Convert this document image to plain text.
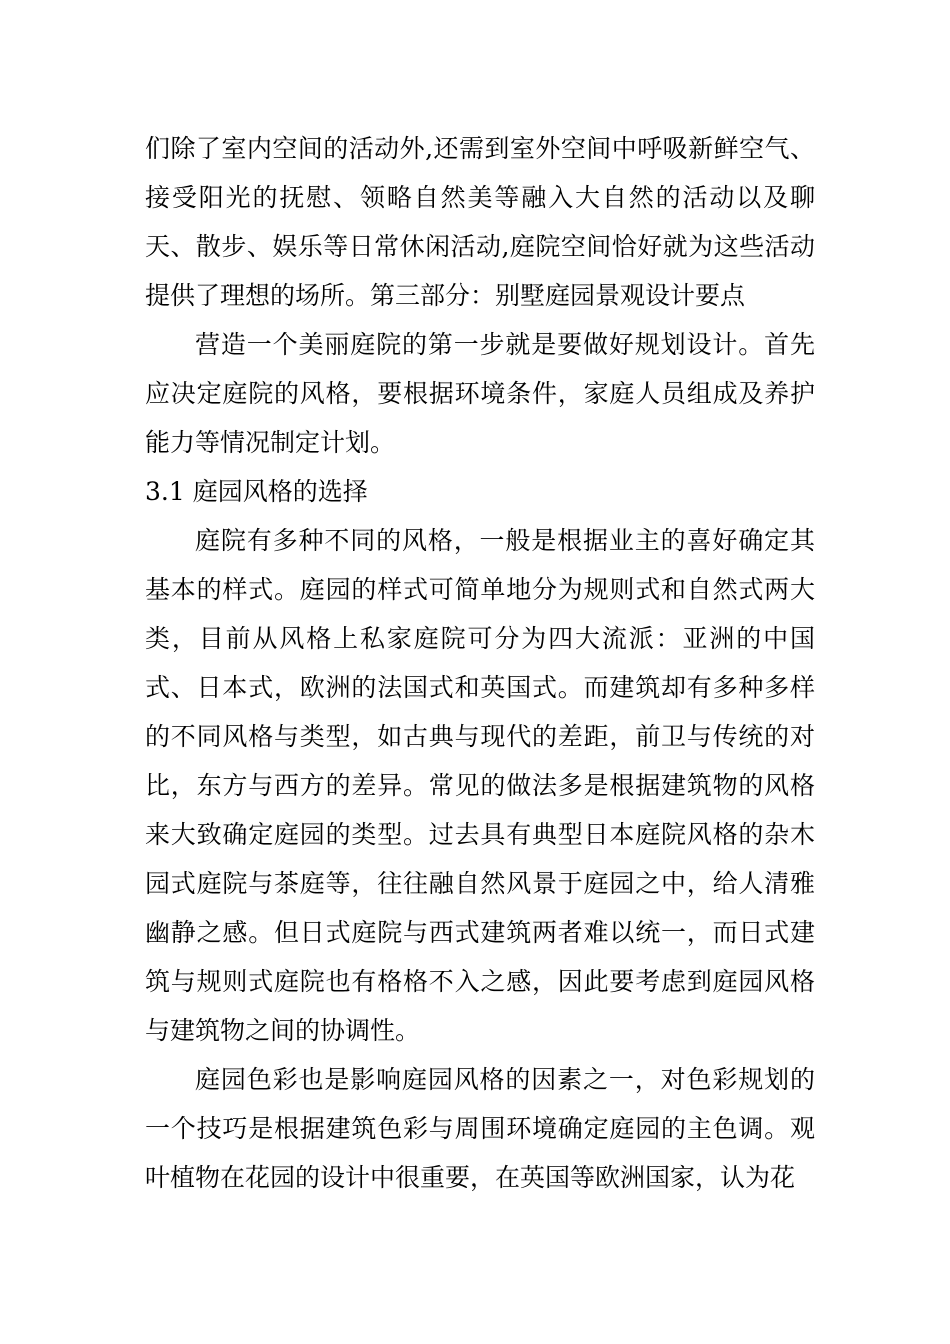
们除了室内空间的活动外,还需到室外空间中呼吸新鲜空气、接受阳光的抚慰、领略自然美等融入大自然的活动以及聊天、散步、娱乐等日常休闲活动,庭院空间恰好就为这些活动提供了理想的场所。第三部分：别墅庭园景观设计要点

营造一个美丽庭院的第一步就是要做好规划设计。首先应决定庭院的风格，要根据环境条件，家庭人员组成及养护能力等情况制定计划。

3.1 庭园风格的选择

庭院有多种不同的风格，一般是根据业主的喜好确定其基本的样式。庭园的样式可简单地分为规则式和自然式两大类，目前从风格上私家庭院可分为四大流派：亚洲的中国式、日本式，欧洲的法国式和英国式。而建筑却有多种多样的不同风格与类型，如古典与现代的差距，前卫与传统的对比，东方与西方的差异。常见的做法多是根据建筑物的风格来大致确定庭园的类型。过去具有典型日本庭院风格的杂木园式庭院与茶庭等，往往融自然风景于庭园之中，给人清雅幽静之感。但日式庭院与西式建筑两者难以统一，而日式建筑与规则式庭院也有格格不入之感，因此要考虑到庭园风格与建筑物之间的协调性。

庭园色彩也是影响庭园风格的因素之一，对色彩规划的一个技巧是根据建筑色彩与周围环境确定庭园的主色调。观叶植物在花园的设计中很重要，在英国等欧洲国家，认为花
